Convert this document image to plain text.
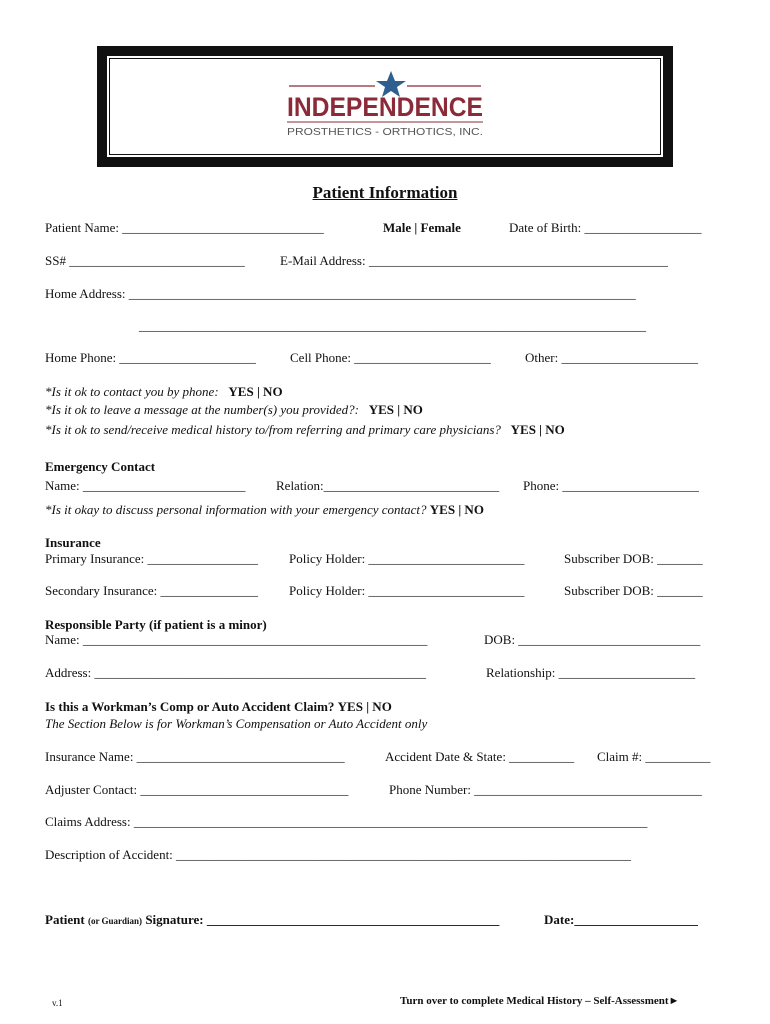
INDEPENDENCE
PROSTHETICS - ORTHOTICS, INC.
Patient Information
Patient Name: _______________________________	Male | Female	Date of Birth: __________________
SS# ___________________________	E-Mail Address: ______________________________________________
Home Address: ______________________________________________________________________________
______________________________________________________________________________
Home Phone: _____________________	Cell Phone: _____________________	Other: _____________________
*Is it ok to contact you by phone: YES | NO
*Is it ok to leave a message at the number(s) you provided?: YES | NO
*Is it ok to send/receive medical history to/from referring and primary care physicians? YES | NO
Emergency Contact
Name: _________________________ Relation:___________________________ Phone: _____________________
*Is it okay to discuss personal information with your emergency contact? YES | NO
Insurance
Primary Insurance: _________________ Policy Holder: ________________________	Subscriber DOB: _______
Secondary Insurance: _______________ Policy Holder: ________________________	Subscriber DOB: _______
Responsible Party (if patient is a minor)
Name: _____________________________________________________	DOB: ____________________________
Address: ___________________________________________________	Relationship: _____________________
Is this a Workman’s Comp or Auto Accident Claim? YES | NO
The Section Below is for Workman’s Compensation or Auto Accident only
Insurance Name: ________________________________	Accident Date & State: __________ Claim #: __________
Adjuster Contact: ________________________________	Phone Number: ___________________________________
Claims Address: _______________________________________________________________________________
Description of Accident: ______________________________________________________________________
Patient (or Guardian) Signature: _____________________________________________	Date:___________________
v.1	Turn over to complete Medical History – Self-Assessment►
